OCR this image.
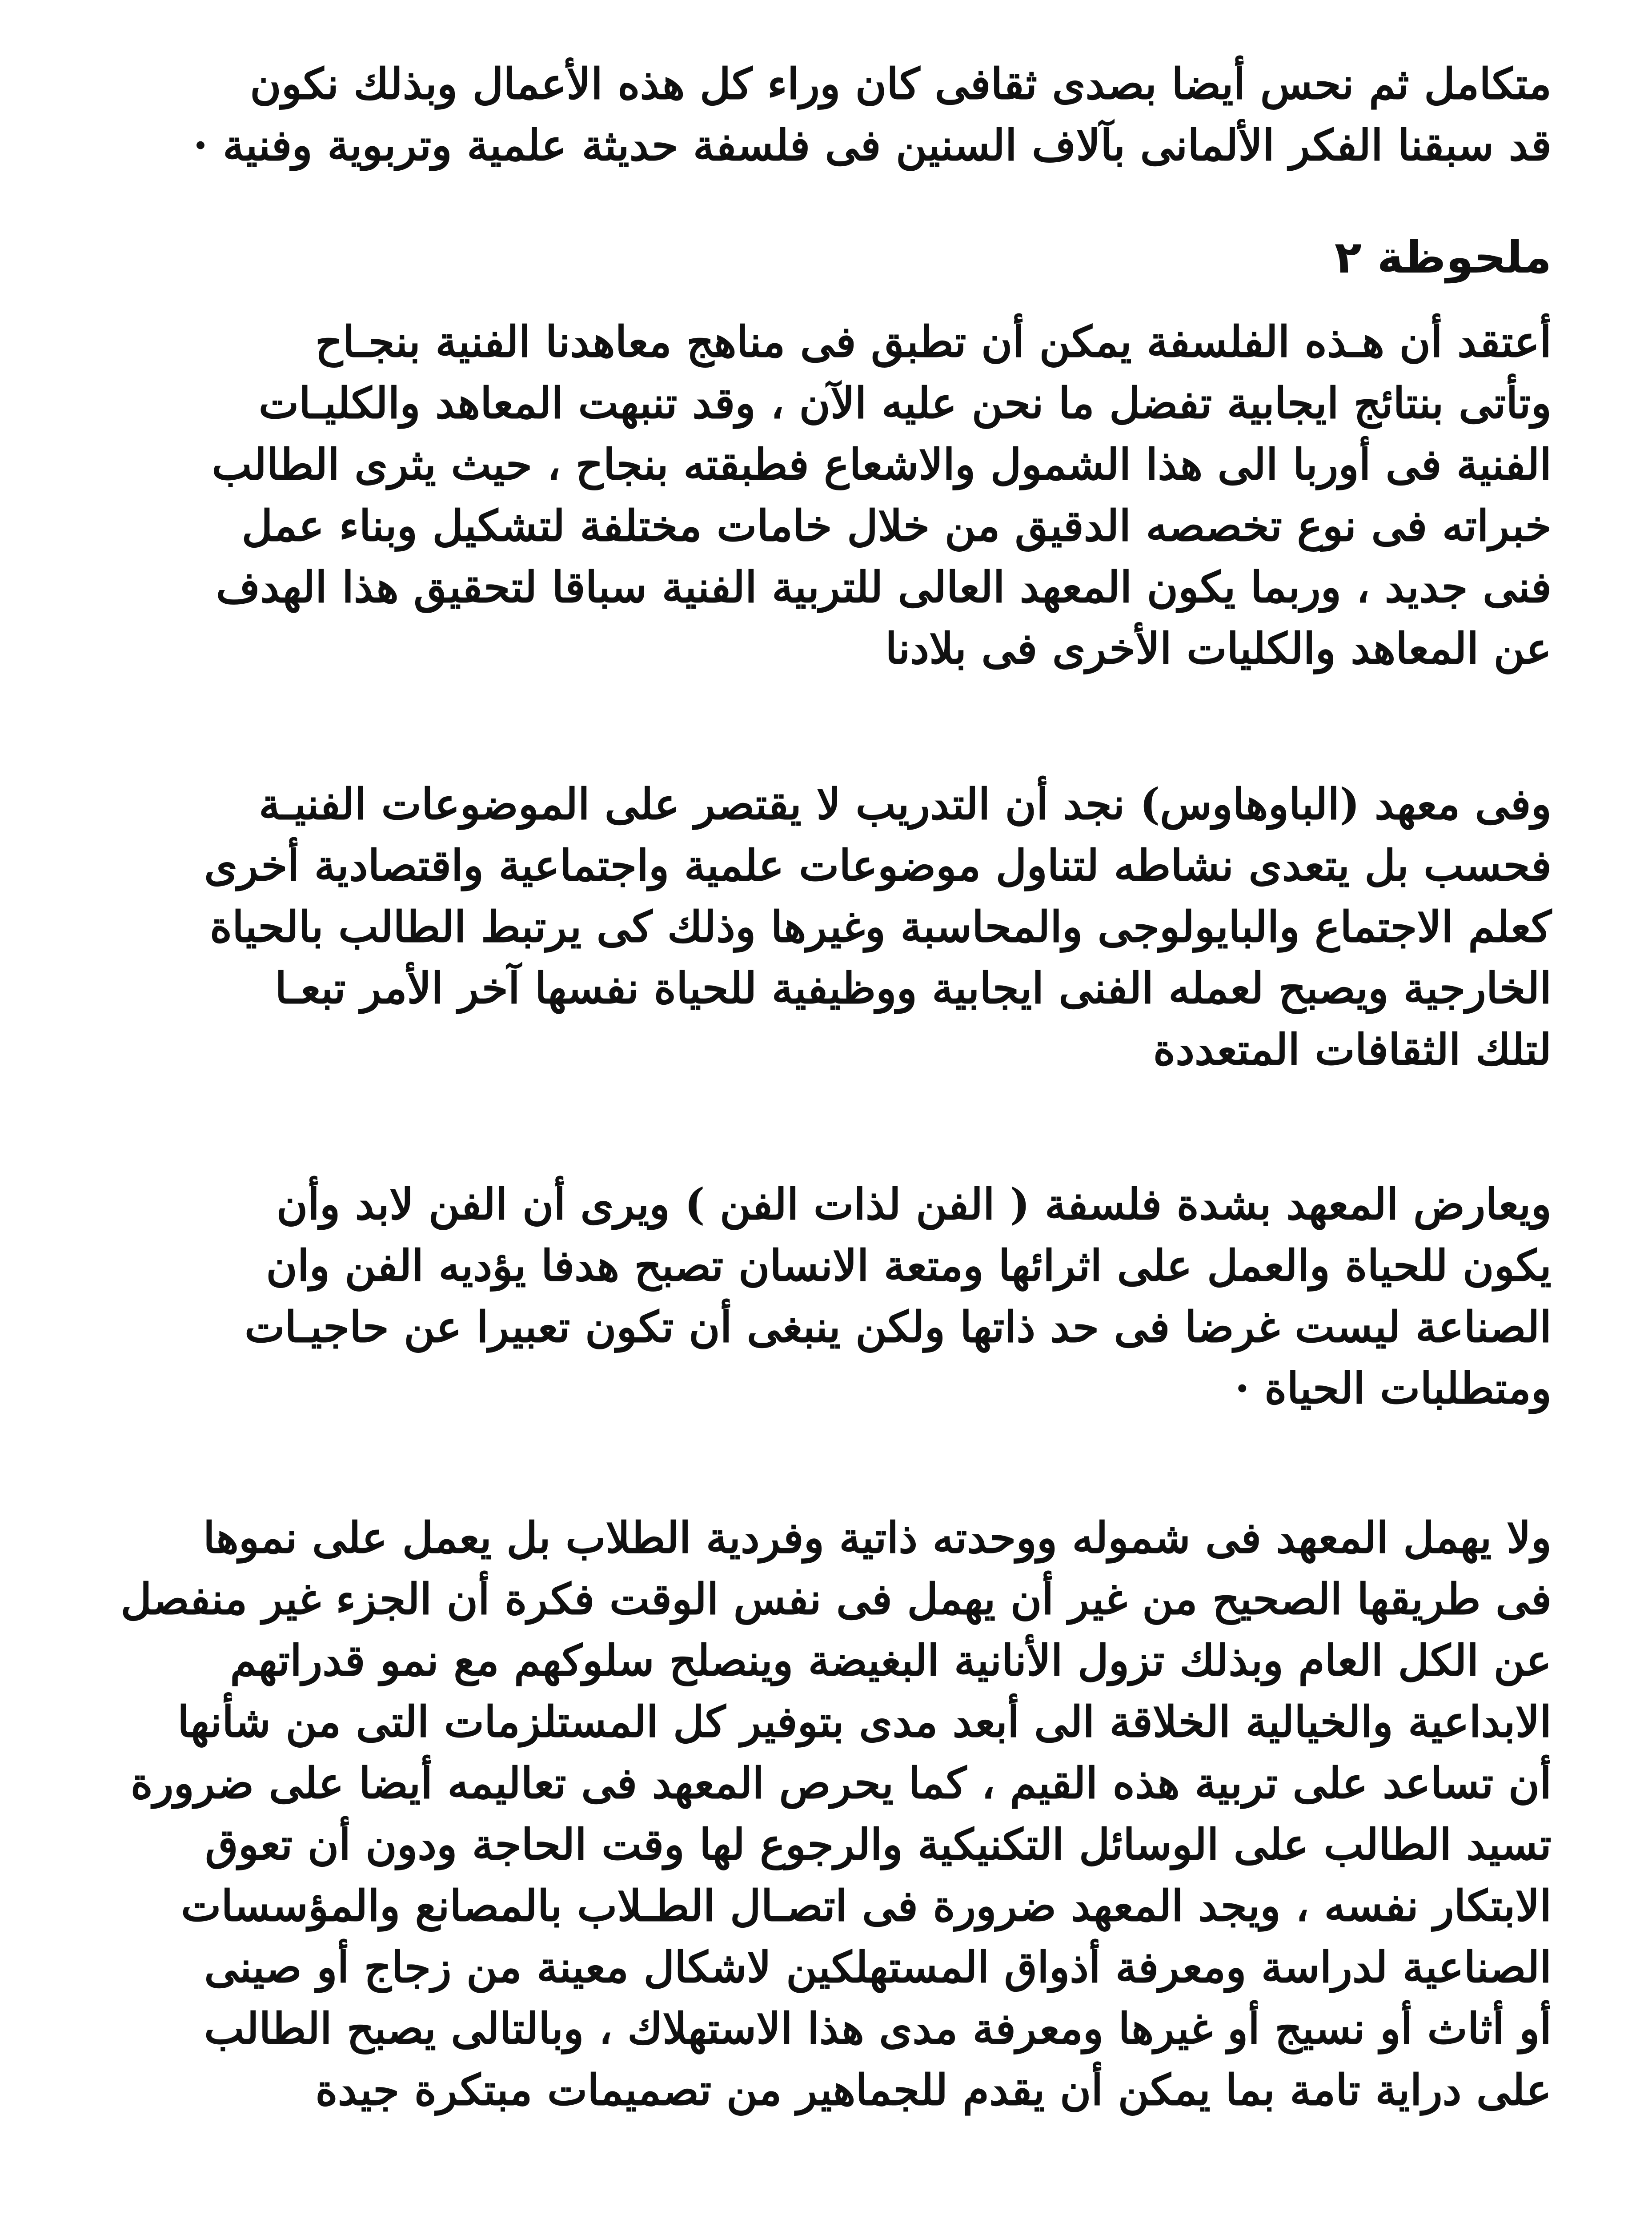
متكامل ثم نحس أيضا بصدى ثقافى كان وراء كل هذه الأعمال وبذلك نكون
قد سبقنا الفكر الألمانى بآلاف السنين فى فلسفة حديثة علمية وتربوية وفنية ·
ملحوظة ٢
أعتقد أن هـذه الفلسفة يمكن أن تطبق فى مناهج معاهدنا الفنية بنجـاح
وتأتى بنتائج ايجابية تفضل ما نحن عليه الآن ، وقد تنبهت المعاهد والكليـات
الفنية فى أوربا الى هذا الشمول والاشعاع فطبقته بنجاح ، حيث يثرى الطالب
خبراته فى نوع تخصصه الدقيق من خلال خامات مختلفة لتشكيل وبناء عمل
فنى جديد ، وربما يكون المعهد العالى للتربية الفنية سباقا لتحقيق هذا الهدف
عن المعاهد والكليات الأخرى فى بلادنا
وفى معهد (الباوهاوس) نجد أن التدريب لا يقتصر على الموضوعات الفنيـة
فحسب بل يتعدى نشاطه لتناول موضوعات علمية واجتماعية واقتصادية أخرى
كعلم الاجتماع والبايولوجى والمحاسبة وغيرها وذلك كى يرتبط الطالب بالحياة
الخارجية ويصبح لعمله الفنى ايجابية ووظيفية للحياة نفسها آخر الأمر تبعـا
لتلك الثقافات المتعددة
ويعارض المعهد بشدة فلسفة ( الفن لذات الفن ) ويرى أن الفن لابد وأن
يكون للحياة والعمل على اثرائها ومتعة الانسان تصبح هدفا يؤديه الفن وان
الصناعة ليست غرضا فى حد ذاتها ولكن ينبغى أن تكون تعبيرا عن حاجيـات
ومتطلبات الحياة ·
ولا يهمل المعهد فى شموله ووحدته ذاتية وفردية الطلاب بل يعمل على نموها
فى طريقها الصحيح من غير أن يهمل فى نفس الوقت فكرة أن الجزء غير منفصل
عن الكل العام وبذلك تزول الأنانية البغيضة وينصلح سلوكهم مع نمو قدراتهم
الابداعية والخيالية الخلاقة الى أبعد مدى بتوفير كل المستلزمات التى من شأنها
أن تساعد على تربية هذه القيم ، كما يحرص المعهد فى تعاليمه أيضا على ضرورة
تسيد الطالب على الوسائل التكنيكية والرجوع لها وقت الحاجة ودون أن تعوق
الابتكار نفسه ، ويجد المعهد ضرورة فى اتصـال الطـلاب بالمصانع والمؤسسات
الصناعية لدراسة ومعرفة أذواق المستهلكين لاشكال معينة من زجاج أو صينى
أو أثاث أو نسيج أو غيرها ومعرفة مدى هذا الاستهلاك ، وبالتالى يصبح الطالب
على دراية تامة بما يمكن أن يقدم للجماهير من تصميمات مبتكرة جيدة
